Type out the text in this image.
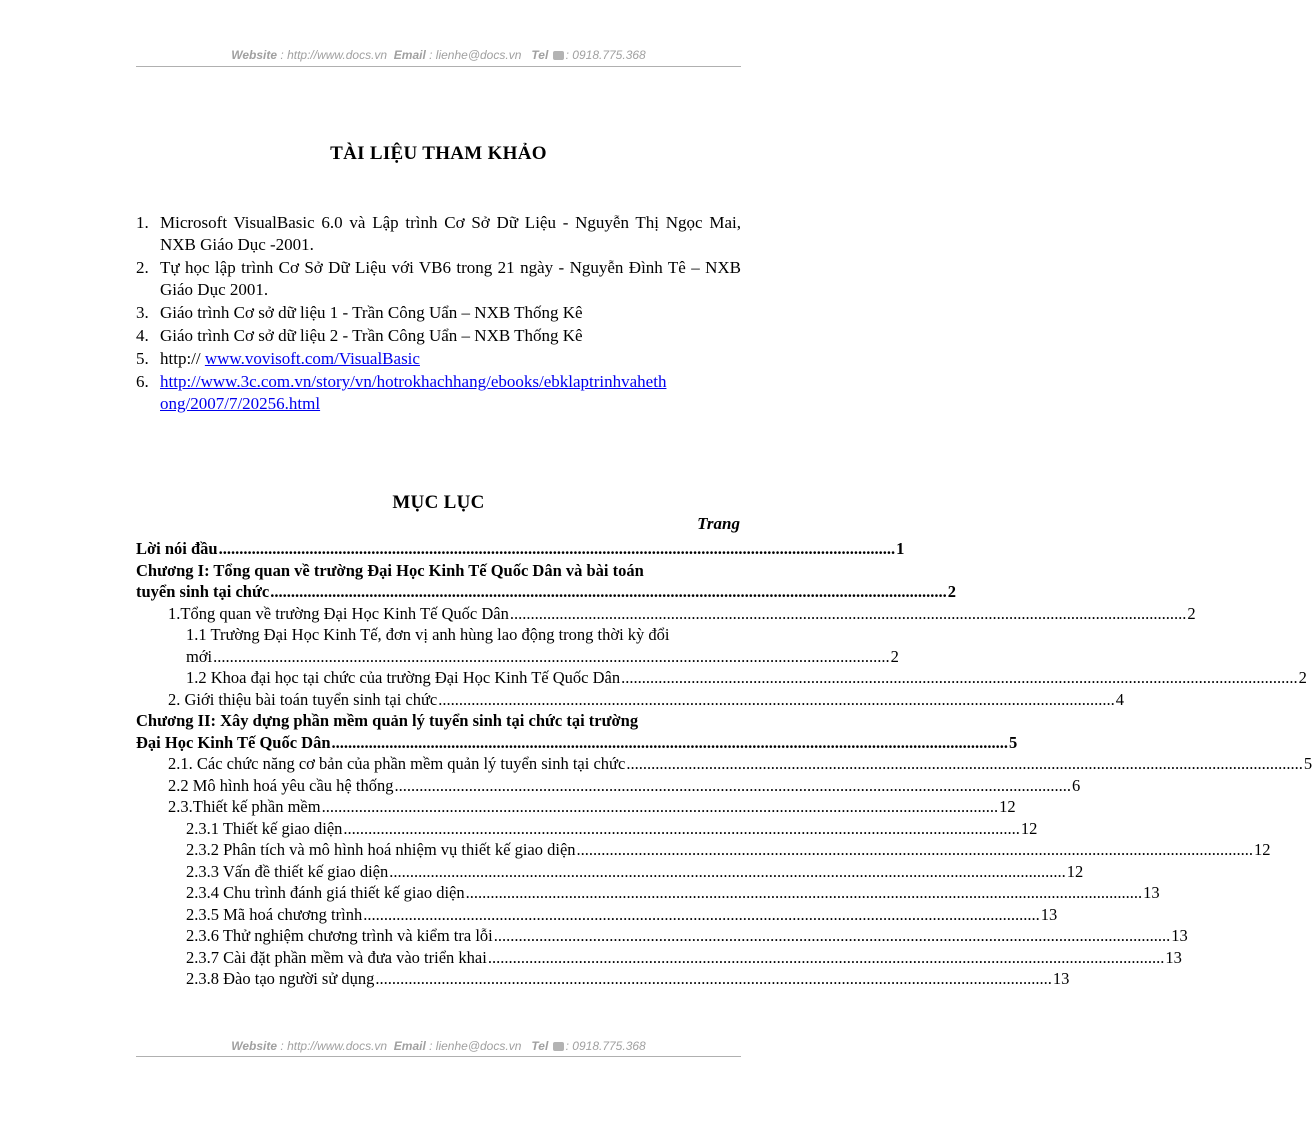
Website : http://www.docs.vn Email : lienhe@docs.vn Tel : 0918.775.368
TÀI LIỆU THAM KHẢO
1. Microsoft VisualBasic 6.0 và Lập trình Cơ Sở Dữ Liệu - Nguyễn Thị Ngọc Mai, NXB Giáo Dục -2001.
2. Tự học lập trình Cơ Sở Dữ Liệu với VB6 trong 21 ngày - Nguyễn Đình Tê – NXB Giáo Dục 2001.
3. Giáo trình Cơ sở dữ liệu 1 - Trần Công Uẩn – NXB Thống Kê
4. Giáo trình Cơ sở dữ liệu 2 - Trần Công Uẩn – NXB Thống Kê
5. http:// www.vovisoft.com/VisualBasic
6. http://www.3c.com.vn/story/vn/hotrokhachhang/ebooks/ebklaptrinhvaheth
ong/2007/7/20256.html
MỤC LỤC
Trang
Lời nói đầu .................................................................................................................................................................... 1
Chương I: Tổng quan về trường Đại Học Kinh Tế Quốc Dân và bài toán
tuyển sinh tại chức .................................................................................................................................................................... 2
1.Tổng quan về trường Đại Học Kinh Tế Quốc Dân .................................................................................................................................................................... 2
1.1 Trường Đại Học Kinh Tế, đơn vị anh hùng lao động trong thời kỳ đổi
mới .................................................................................................................................................................... 2
1.2 Khoa đại học tại chức của trường Đại Học Kinh Tế Quốc Dân .................................................................................................................................................................... 2
2. Giới thiệu bài toán tuyển sinh tại chức .................................................................................................................................................................... 4
Chương II: Xây dựng phần mềm quản lý tuyển sinh tại chức tại trường
Đại Học Kinh Tế Quốc Dân .................................................................................................................................................................... 5
2.1. Các chức năng cơ bản của phần mềm quản lý tuyển sinh tại chức .................................................................................................................................................................... 5
2.2 Mô hình hoá yêu cầu hệ thống .................................................................................................................................................................... 6
2.3.Thiết kế phần mềm .................................................................................................................................................................... 12
2.3.1 Thiết kế giao diện .................................................................................................................................................................... 12
2.3.2 Phân tích và mô hình hoá nhiệm vụ thiết kế giao diện .................................................................................................................................................................... 12
2.3.3 Vấn đề thiết kế giao diện .................................................................................................................................................................... 12
2.3.4 Chu trình đánh giá thiết kế giao diện .................................................................................................................................................................... 13
2.3.5 Mã hoá chương trình .................................................................................................................................................................... 13
2.3.6 Thử nghiệm chương trình và kiểm tra lỗi .................................................................................................................................................................... 13
2.3.7 Cài đặt phần mềm và đưa vào triển khai .................................................................................................................................................................... 13
2.3.8 Đào tạo người sử dụng .................................................................................................................................................................... 13
Website : http://www.docs.vn Email : lienhe@docs.vn Tel : 0918.775.368
